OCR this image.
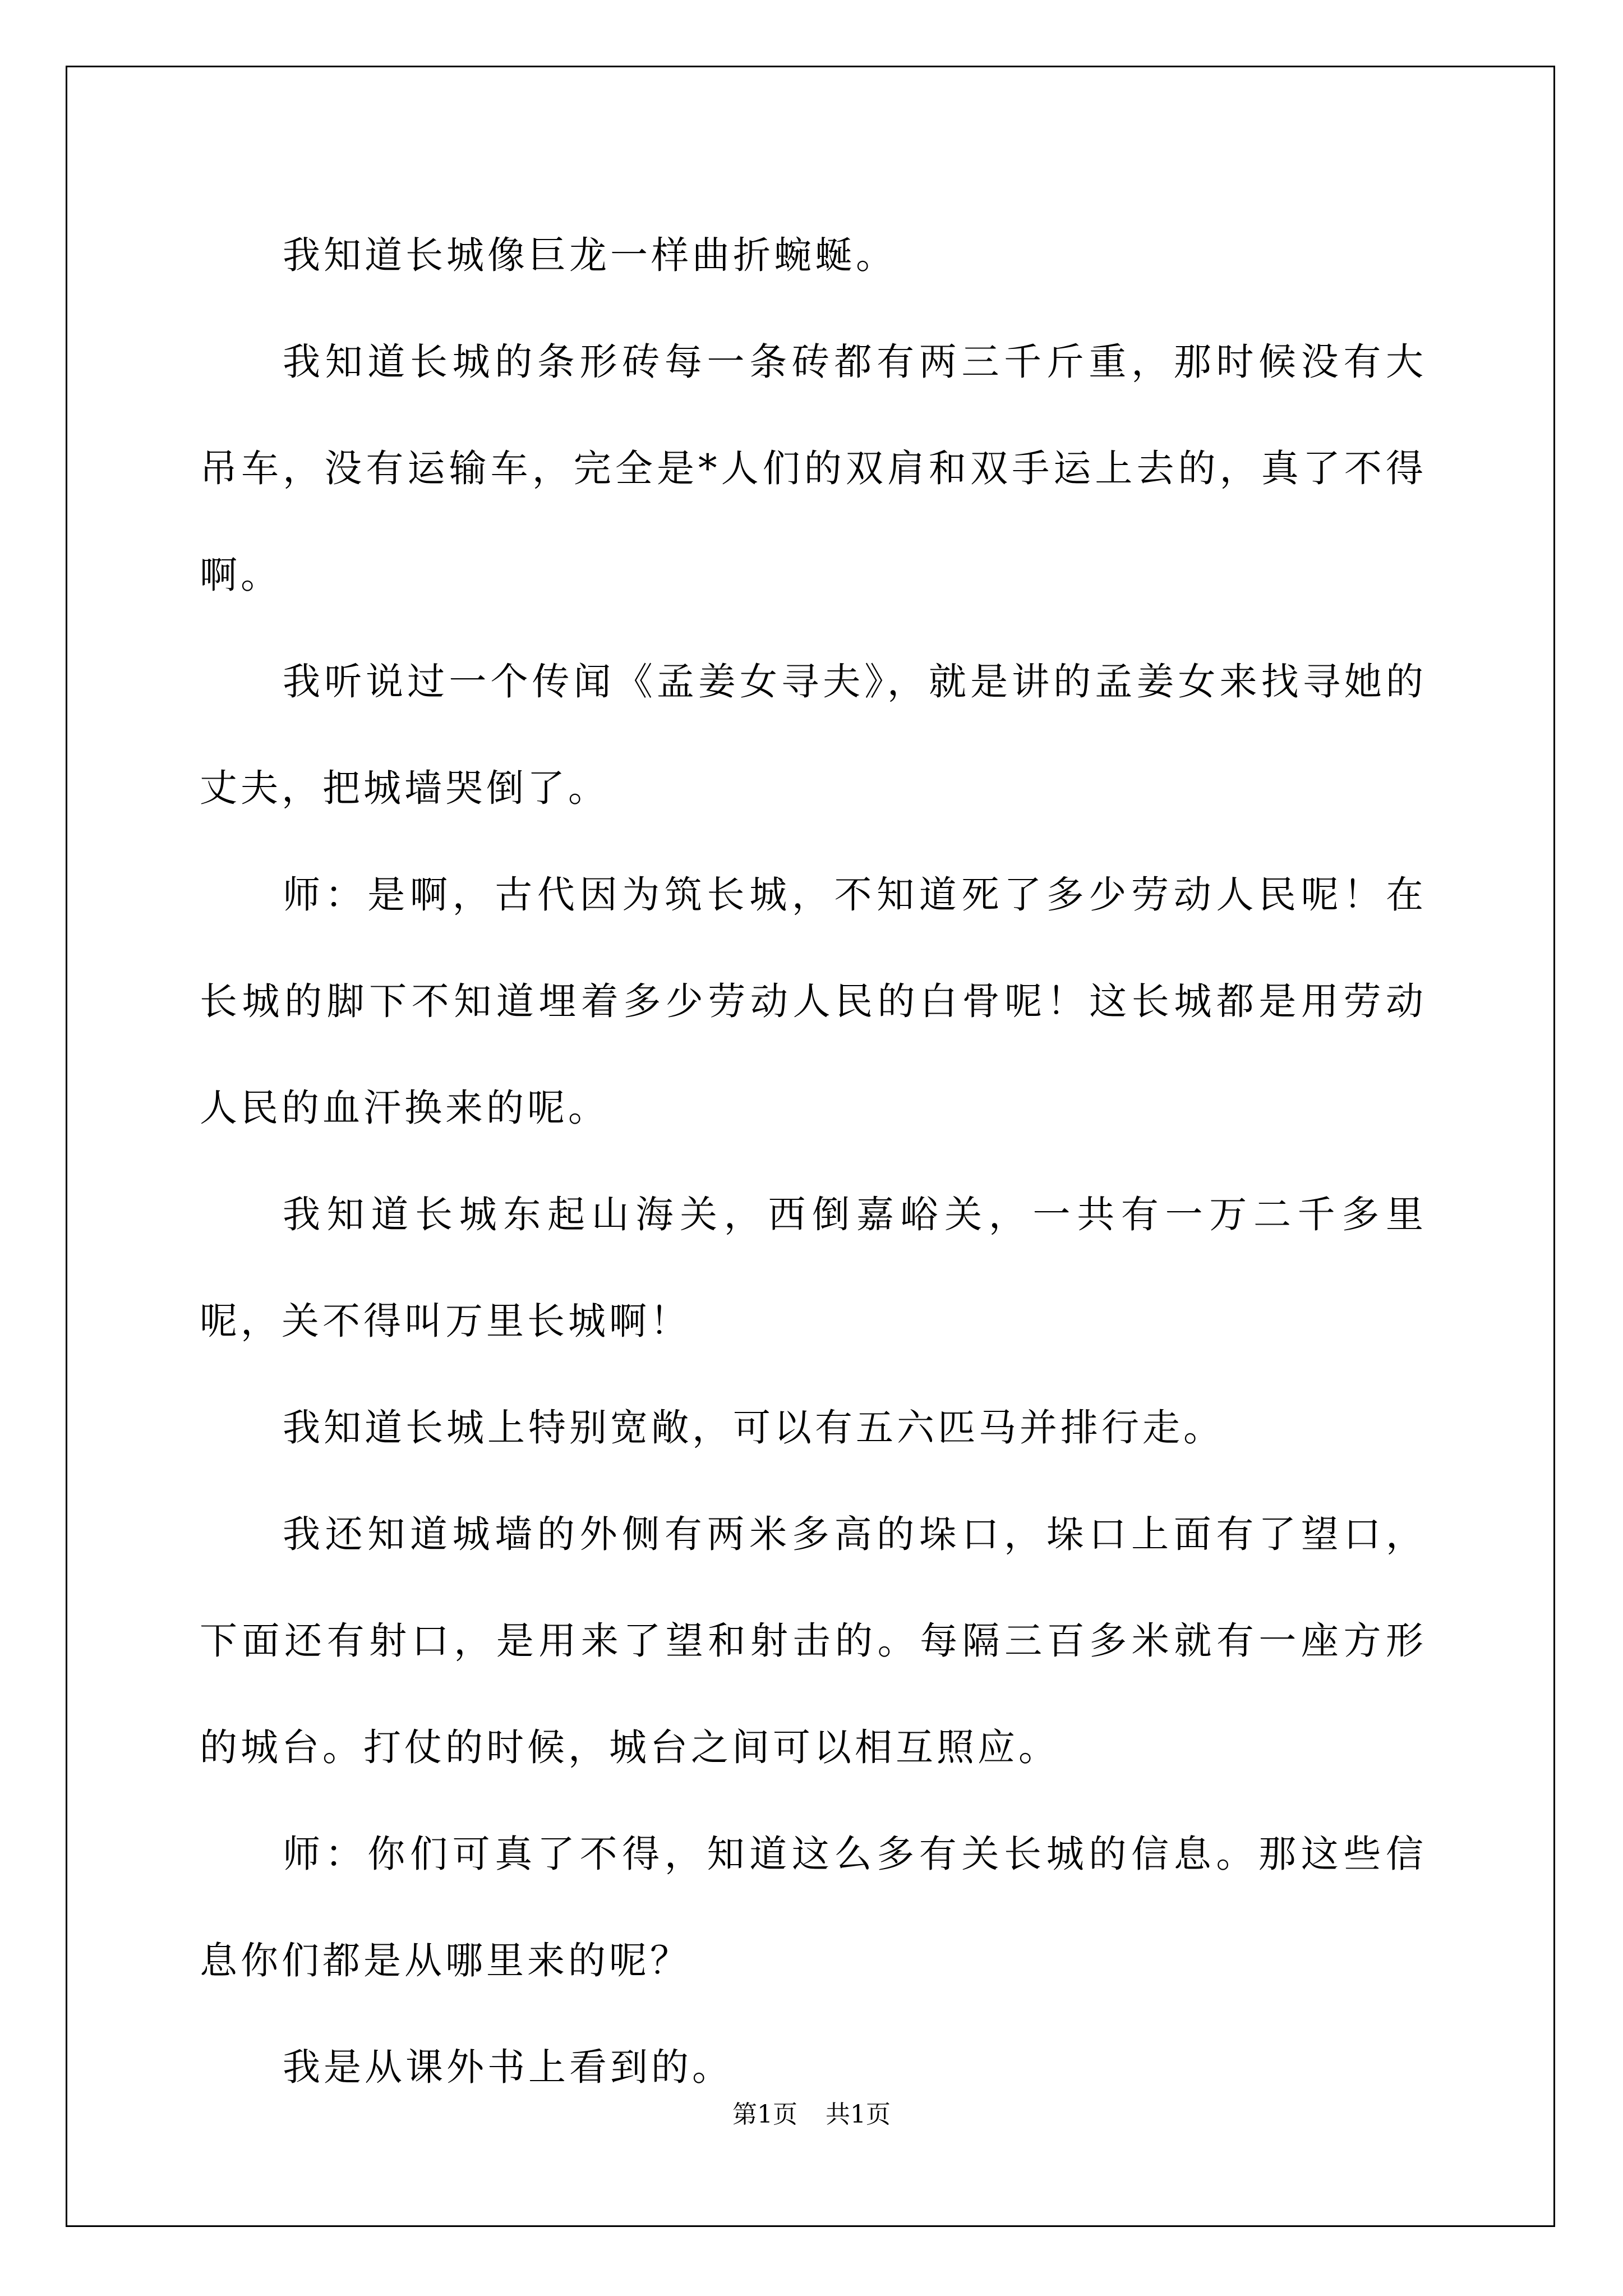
我知道长城像巨龙一样曲折蜿蜒。

我知道长城的条形砖每一条砖都有两三千斤重，那时候没有大吊车，没有运输车，完全是*人们的双肩和双手运上去的，真了不得啊。

我听说过一个传闻《孟姜女寻夫》，就是讲的孟姜女来找寻她的丈夫，把城墙哭倒了。

师：是啊，古代因为筑长城，不知道死了多少劳动人民呢！在长城的脚下不知道埋着多少劳动人民的白骨呢！这长城都是用劳动人民的血汗换来的呢。

我知道长城东起山海关，西倒嘉峪关，一共有一万二千多里呢，关不得叫万里长城啊！

我知道长城上特别宽敞，可以有五六匹马并排行走。

我还知道城墙的外侧有两米多高的垛口，垛口上面有了望口，下面还有射口，是用来了望和射击的。每隔三百多米就有一座方形的城台。打仗的时候，城台之间可以相互照应。

师：你们可真了不得，知道这么多有关长城的信息。那这些信息你们都是从哪里来的呢？

我是从课外书上看到的。

第1页 共1页
